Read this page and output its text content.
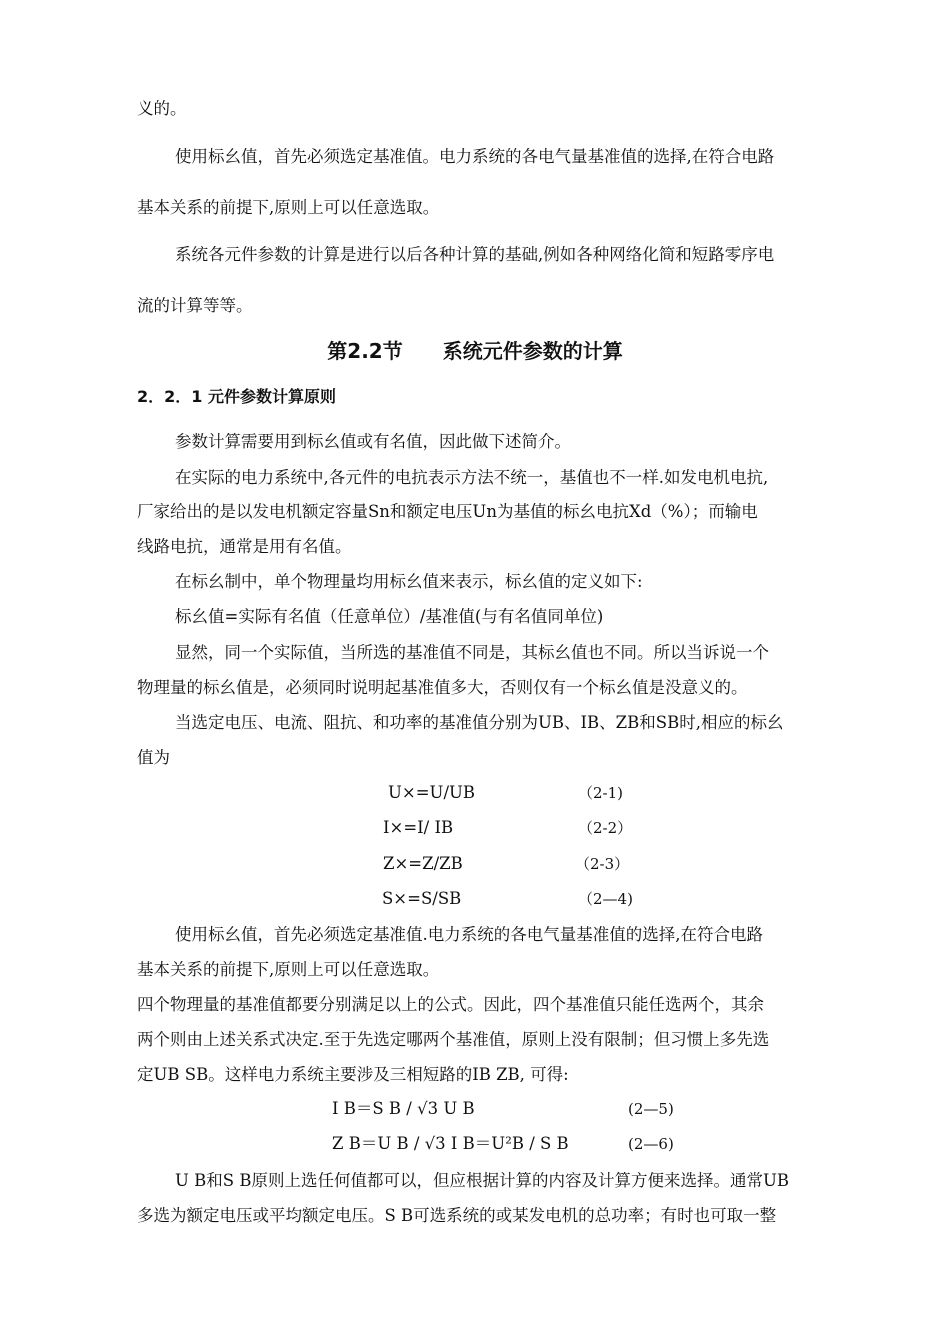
义的。
使用标幺值，首先必须选定基准值。电力系统的各电气量基准值的选择,在符合电路
基本关系的前提下,原则上可以任意选取。
系统各元件参数的计算是进行以后各种计算的基础,例如各种网络化简和短路零序电
流的计算等等。
第2.2节　　系统元件参数的计算
2．2．1 元件参数计算原则
参数计算需要用到标幺值或有名值，因此做下述简介。
在实际的电力系统中,各元件的电抗表示方法不统一，基值也不一样.如发电机电抗,
厂家给出的是以发电机额定容量Sn和额定电压Un为基值的标幺电抗Xd（%）；而输电
线路电抗，通常是用有名值。
在标幺制中，单个物理量均用标幺值来表示，标幺值的定义如下:
标幺值=实际有名值（任意单位）/基准值(与有名值同单位)
显然，同一个实际值，当所选的基准值不同是，其标幺值也不同。所以当诉说一个
物理量的标幺值是，必须同时说明起基准值多大，否则仅有一个标幺值是没意义的。
当选定电压、电流、阻抗、和功率的基准值分别为UB、IB、ZB和SB时,相应的标幺
值为
U×=U/UB	（2-1)
I×=I/ IB	（2-2）
Z×=Z/ZB	（2-3）
S×=S/SB	（2—4)
使用标幺值，首先必须选定基准值.电力系统的各电气量基准值的选择,在符合电路
基本关系的前提下,原则上可以任意选取。
四个物理量的基准值都要分别满足以上的公式。因此，四个基准值只能任选两个，其余
两个则由上述关系式决定.至于先选定哪两个基准值，原则上没有限制；但习惯上多先选
定UB SB。这样电力系统主要涉及三相短路的IB ZB, 可得:
I B＝S B / √3 U B	(2—5)
Z B＝U B / √3 I B＝U²B / S B	(2—6)
U B和S B原则上选任何值都可以，但应根据计算的内容及计算方便来选择。通常UB
多选为额定电压或平均额定电压。S B可选系统的或某发电机的总功率；有时也可取一整
